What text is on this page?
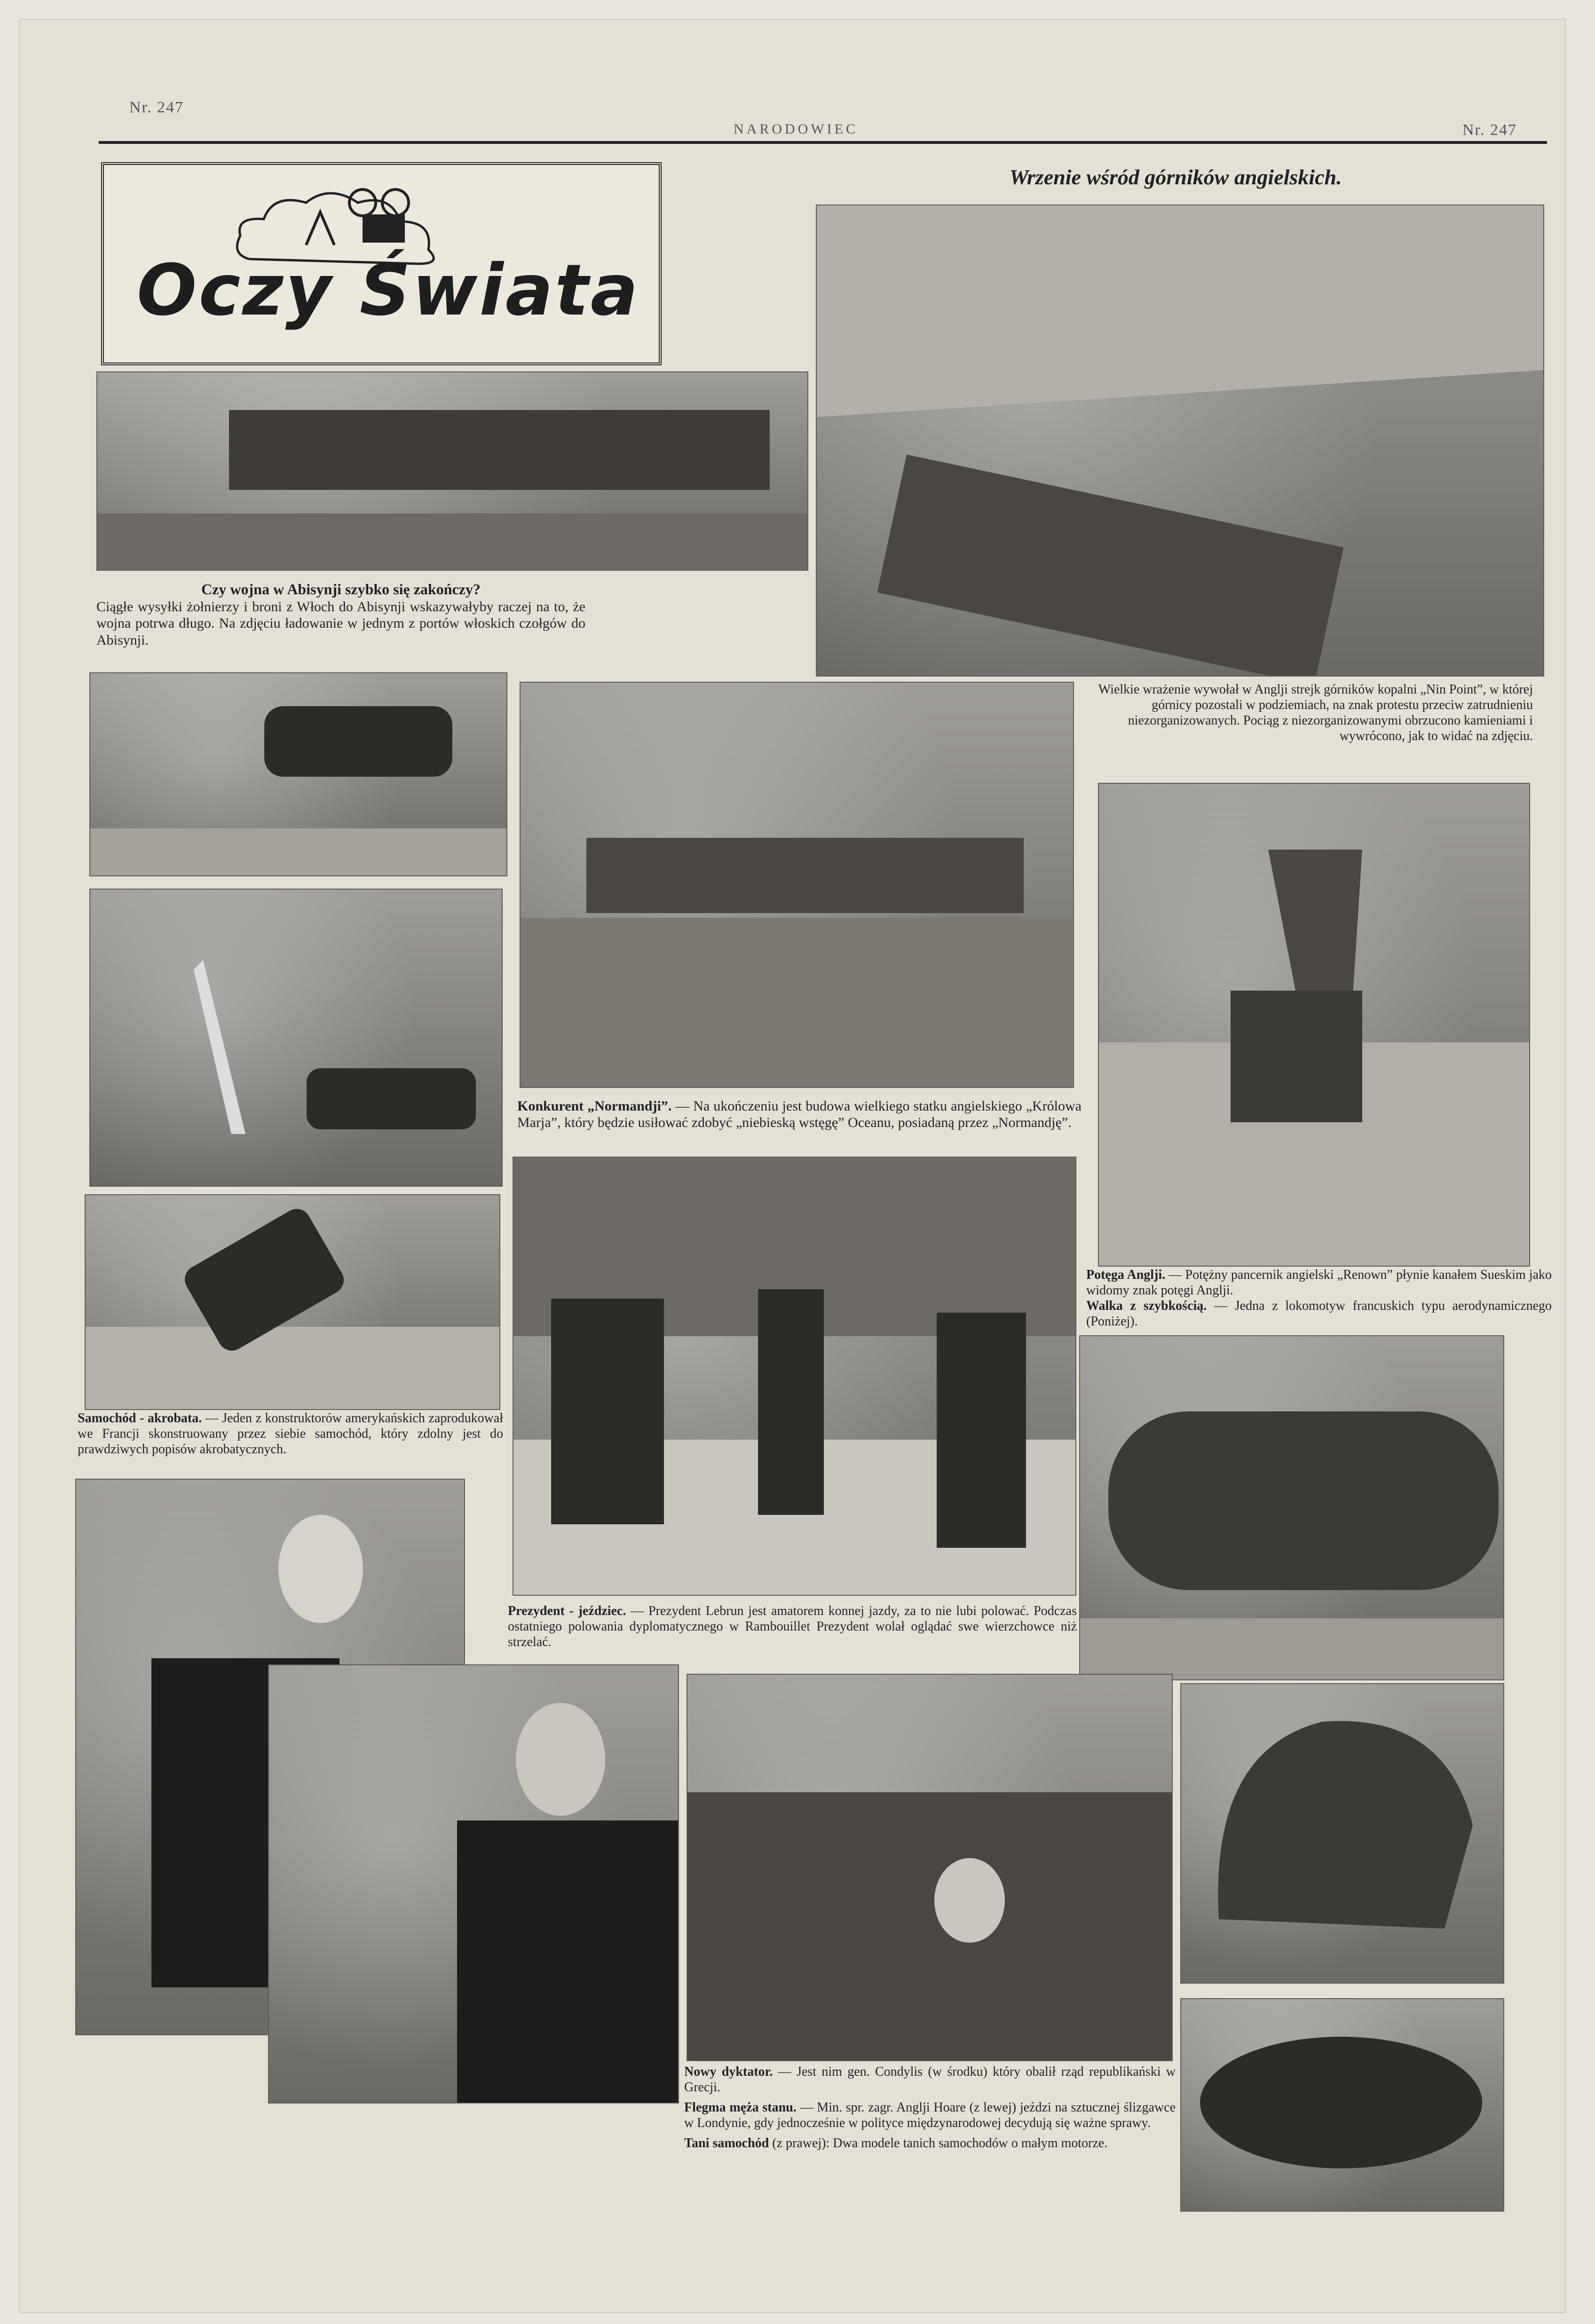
Nr. 247
NARODOWIEC	Nr. 247
Oczy Świata
Wrzenie wśród górników angielskich.
Czy wojna w Abisynji szybko się zakończy?
Ciągłe wysyłki żołnierzy i broni z Włoch do Abisynji wskazywałyby raczej na to, że wojna potrwa długo. Na zdjęciu ładowanie w jednym z portów włoskich czołgów do Abisynji.
Wielkie wrażenie wywołał w Anglji strejk górników kopalni „Nin Point”, w której górnicy pozostali w podziemiach, na znak protestu przeciw zatrudnieniu niezorganizowanych. Pociąg z niezorganizowanymi obrzucono kamieniami i wywrócono, jak to widać na zdjęciu.
Konkurent „Normandji”. — Na ukończeniu jest budowa wielkiego statku angielskiego „Królowa Marja”, który będzie usiłować zdobyć „niebieską wstęgę” Oceanu, posiadaną przez „Normandję”.
Potęga Anglji. — Potężny pancernik angielski „Renown” płynie kanałem Sueskim jako widomy znak potęgi Anglji.
Walka z szybkością. — Jedna z lokomotyw francuskich typu aerodynamicznego (Poniżej).
Samochód - akrobata. — Jeden z konstruktorów amerykańskich zaprodukował we Francji skonstruowany przez siebie samochód, który zdolny jest do prawdziwych popisów akrobatycznych.
Prezydent - jeździec. — Prezydent Lebrun jest amatorem konnej jazdy, za to nie lubi polować. Podczas ostatniego polowania dyplomatycznego w Rambouillet Prezydent wolał oglądać swe wierzchowce niż strzelać.
Nowy dyktator. — Jest nim gen. Condylis (w środku) który obalił rząd republikański w Grecji.
Flegma męża stanu. — Min. spr. zagr. Anglji Hoare (z lewej) jeździ na sztucznej ślizgawce w Londynie, gdy jednocześnie w polityce międzynarodowej decydują się ważne sprawy.
Tani samochód (z prawej): Dwa modele tanich samochodów o małym motorze.
